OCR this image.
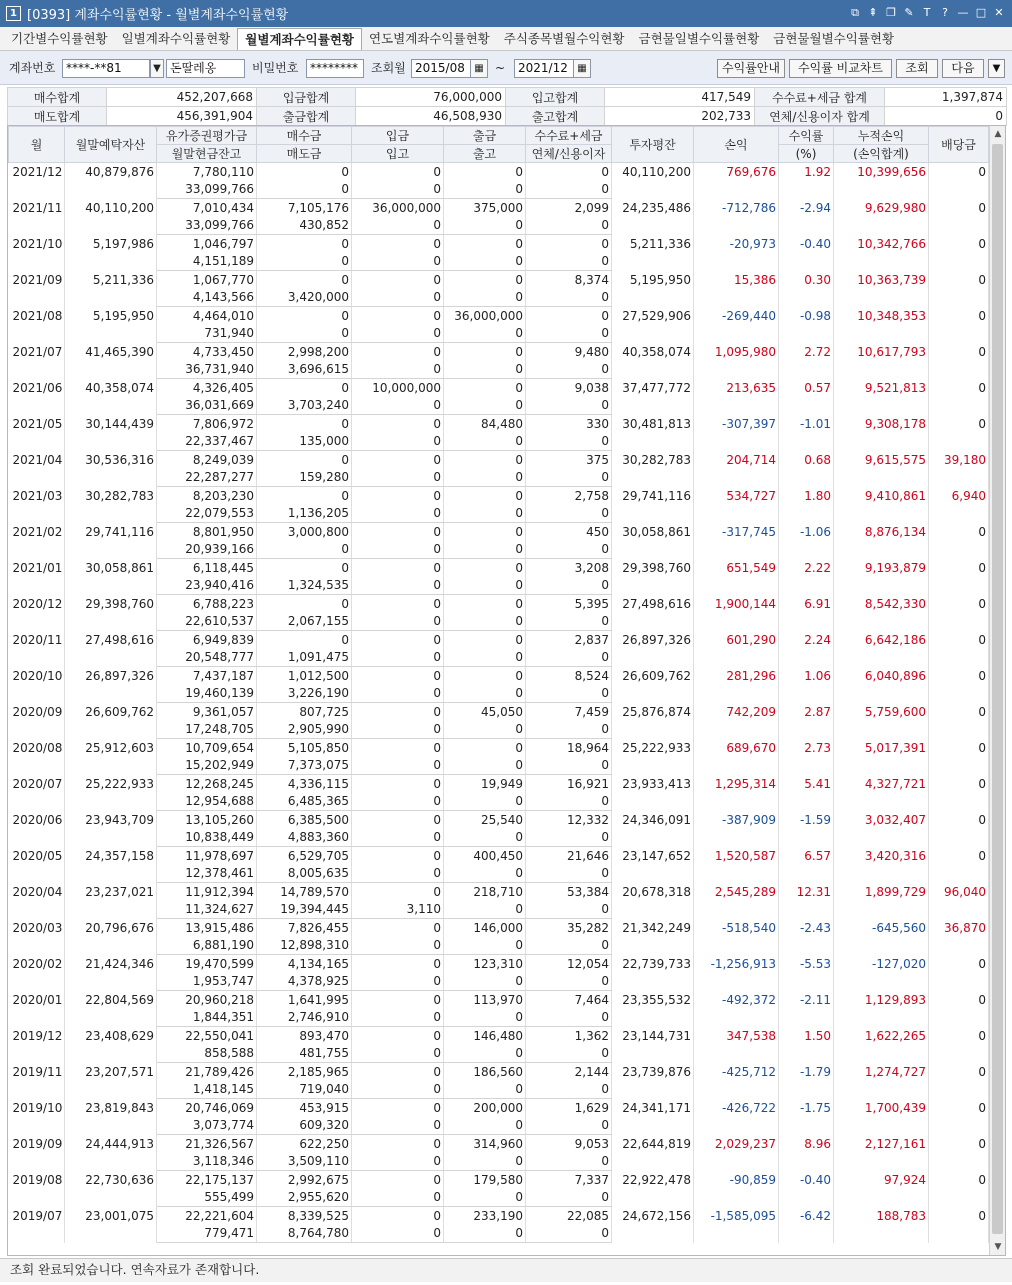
1 [0393] 계좌수익률현황 - 월별계좌수익률현황	⧉ ⇞ ❐ ✎ T	? — □ ✕
기간별수익률현황	일별계좌수익률현황	월별계좌수익률현황	연도별계좌수익률현황	주식종목별월수익현황	금현물일별수익률현황	금현물월별수익률현황
계좌번호 ****-**81	▼ 돈딸레옹	비밀번호 ********	조회월 2015/08 ▦ ~	2021/12 ▦	수익률안내	수익률 비교차트	조회	다음	▼
매수합계	452,207,668	입금합계	76,000,000	입고합계	417,549	수수료+세금 합계	1,397,874
매도합계	456,391,904	출금합계	46,508,930	출고합계	202,733	연체/신용이자 합계	0
월	월말예탁자산	유가증권평가금	매수금	입금	출금	수수료+세금	투자평잔	손익	수익률	누적손익	배당금
		월말현금잔고	매도금	입고	출고	연체/신용이자			(%)	(손익합계)	
2021/12	40,879,876	7,780,110	0	0	0	0	40,110,200	769,676	1.92	10,399,656	0
		33,099,766	0	0	0	0					
2021/11	40,110,200	7,010,434	7,105,176	36,000,000	375,000	2,099	24,235,486	-712,786	-2.94	9,629,980	0
		33,099,766	430,852	0	0	0					
2021/10	5,197,986	1,046,797	0	0	0	0	5,211,336	-20,973	-0.40	10,342,766	0
		4,151,189	0	0	0	0					
2021/09	5,211,336	1,067,770	0	0	0	8,374	5,195,950	15,386	0.30	10,363,739	0
		4,143,566	3,420,000	0	0	0					
2021/08	5,195,950	4,464,010	0	0	36,000,000	0	27,529,906	-269,440	-0.98	10,348,353	0
		731,940	0	0	0	0					
2021/07	41,465,390	4,733,450	2,998,200	0	0	9,480	40,358,074	1,095,980	2.72	10,617,793	0
		36,731,940	3,696,615	0	0	0					
2021/06	40,358,074	4,326,405	0	10,000,000	0	9,038	37,477,772	213,635	0.57	9,521,813	0
		36,031,669	3,703,240	0	0	0					
2021/05	30,144,439	7,806,972	0	0	84,480	330	30,481,813	-307,397	-1.01	9,308,178	0
		22,337,467	135,000	0	0	0					
2021/04	30,536,316	8,249,039	0	0	0	375	30,282,783	204,714	0.68	9,615,575	39,180
		22,287,277	159,280	0	0	0					
2021/03	30,282,783	8,203,230	0	0	0	2,758	29,741,116	534,727	1.80	9,410,861	6,940
		22,079,553	1,136,205	0	0	0					
2021/02	29,741,116	8,801,950	3,000,800	0	0	450	30,058,861	-317,745	-1.06	8,876,134	0
		20,939,166	0	0	0	0					
2021/01	30,058,861	6,118,445	0	0	0	3,208	29,398,760	651,549	2.22	9,193,879	0
		23,940,416	1,324,535	0	0	0					
2020/12	29,398,760	6,788,223	0	0	0	5,395	27,498,616	1,900,144	6.91	8,542,330	0
		22,610,537	2,067,155	0	0	0					
2020/11	27,498,616	6,949,839	0	0	0	2,837	26,897,326	601,290	2.24	6,642,186	0
		20,548,777	1,091,475	0	0	0					
2020/10	26,897,326	7,437,187	1,012,500	0	0	8,524	26,609,762	281,296	1.06	6,040,896	0
		19,460,139	3,226,190	0	0	0					
2020/09	26,609,762	9,361,057	807,725	0	45,050	7,459	25,876,874	742,209	2.87	5,759,600	0
		17,248,705	2,905,990	0	0	0					
2020/08	25,912,603	10,709,654	5,105,850	0	0	18,964	25,222,933	689,670	2.73	5,017,391	0
		15,202,949	7,373,075	0	0	0					
2020/07	25,222,933	12,268,245	4,336,115	0	19,949	16,921	23,933,413	1,295,314	5.41	4,327,721	0
		12,954,688	6,485,365	0	0	0					
2020/06	23,943,709	13,105,260	6,385,500	0	25,540	12,332	24,346,091	-387,909	-1.59	3,032,407	0
		10,838,449	4,883,360	0	0	0					
2020/05	24,357,158	11,978,697	6,529,705	0	400,450	21,646	23,147,652	1,520,587	6.57	3,420,316	0
		12,378,461	8,005,635	0	0	0					
2020/04	23,237,021	11,912,394	14,789,570	0	218,710	53,384	20,678,318	2,545,289	12.31	1,899,729	96,040
		11,324,627	19,394,445	3,110	0	0					
2020/03	20,796,676	13,915,486	7,826,455	0	146,000	35,282	21,342,249	-518,540	-2.43	-645,560	36,870
		6,881,190	12,898,310	0	0	0					
2020/02	21,424,346	19,470,599	4,134,165	0	123,310	12,054	22,739,733	-1,256,913	-5.53	-127,020	0
		1,953,747	4,378,925	0	0	0					
2020/01	22,804,569	20,960,218	1,641,995	0	113,970	7,464	23,355,532	-492,372	-2.11	1,129,893	0
		1,844,351	2,746,910	0	0	0					
2019/12	23,408,629	22,550,041	893,470	0	146,480	1,362	23,144,731	347,538	1.50	1,622,265	0
		858,588	481,755	0	0	0					
2019/11	23,207,571	21,789,426	2,185,965	0	186,560	2,144	23,739,876	-425,712	-1.79	1,274,727	0
		1,418,145	719,040	0	0	0					
2019/10	23,819,843	20,746,069	453,915	0	200,000	1,629	24,341,171	-426,722	-1.75	1,700,439	0
		3,073,774	609,320	0	0	0					
2019/09	24,444,913	21,326,567	622,250	0	314,960	9,053	22,644,819	2,029,237	8.96	2,127,161	0
		3,118,346	3,509,110	0	0	0					
2019/08	22,730,636	22,175,137	2,992,675	0	179,580	7,337	22,922,478	-90,859	-0.40	97,924	0
		555,499	2,955,620	0	0	0					
2019/07	23,001,075	22,221,604	8,339,525	0	233,190	22,085	24,672,156	-1,585,095	-6.42	188,783	0
		779,471	8,764,780	0	0	0					
▲
▼
조회 완료되었습니다. 연속자료가 존재합니다.
